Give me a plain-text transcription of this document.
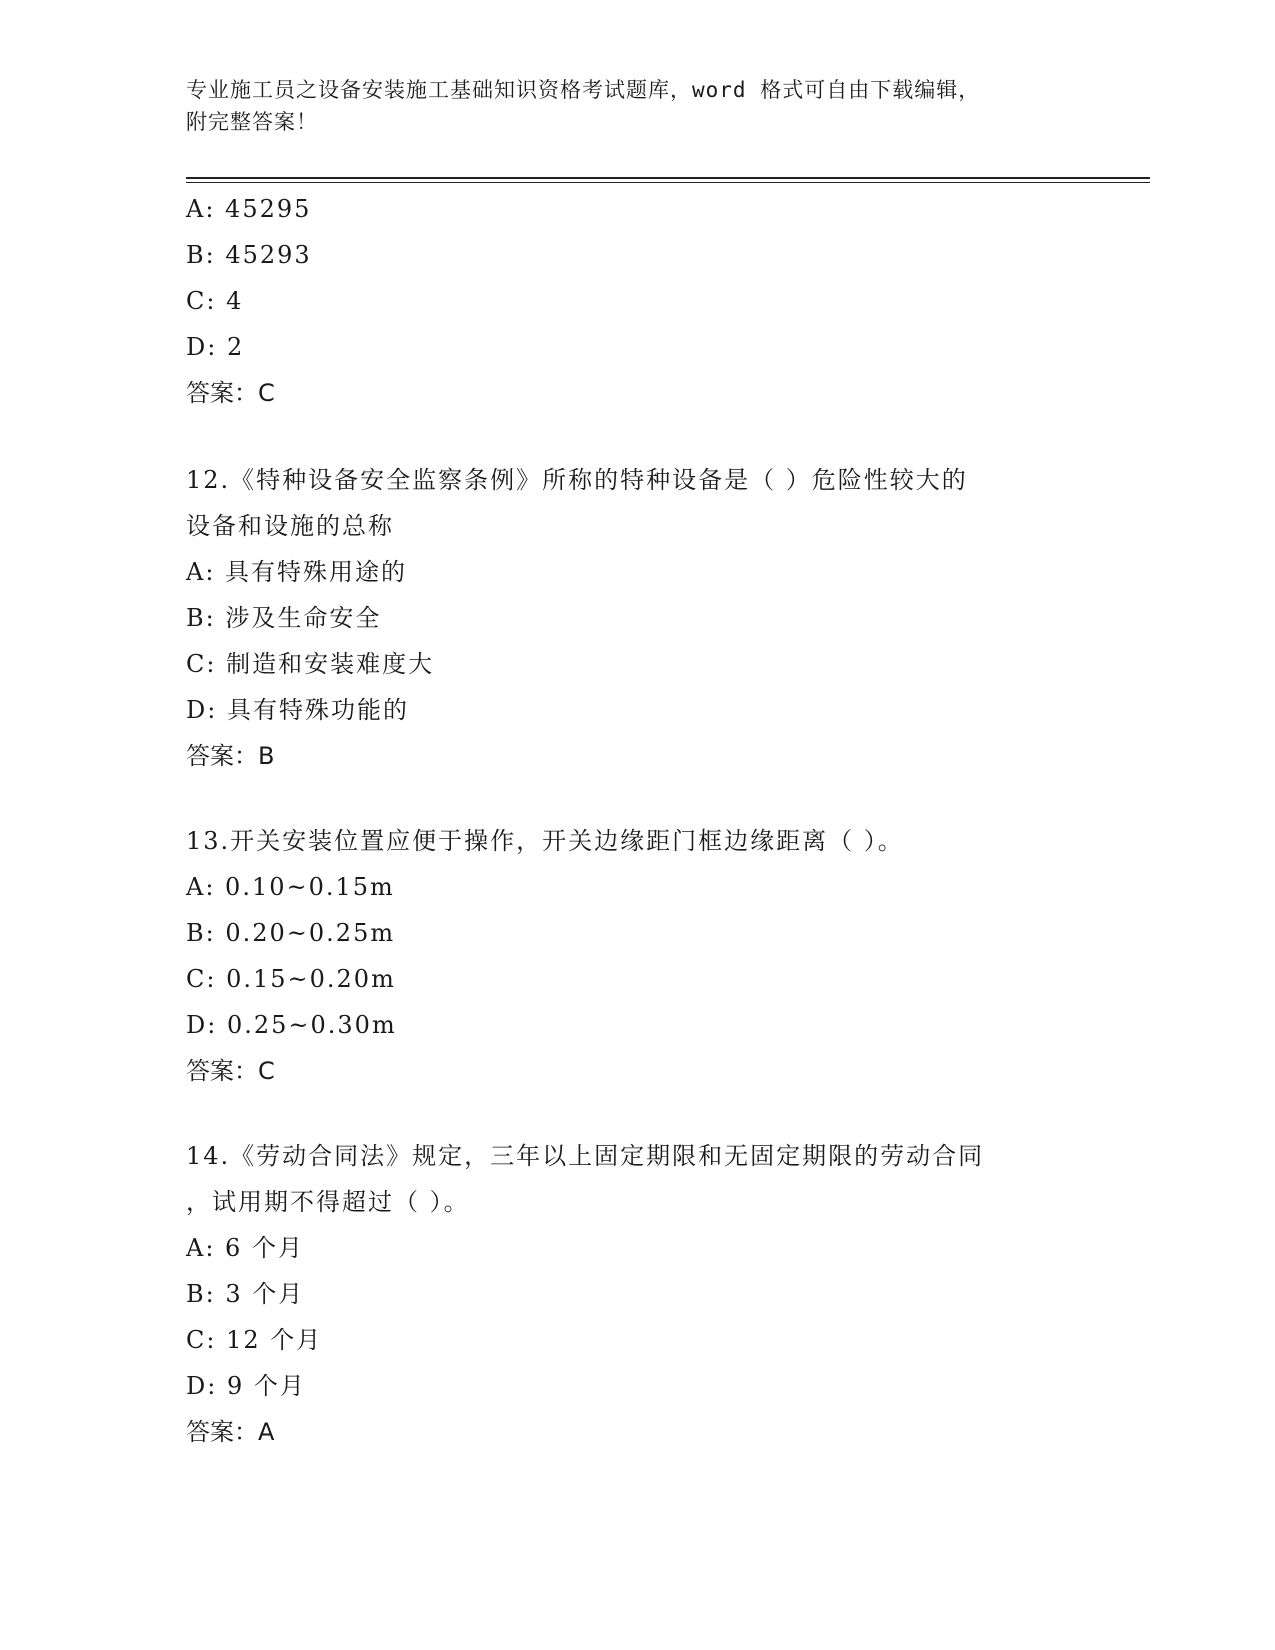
专业施工员之设备安装施工基础知识资格考试题库，word 格式可自由下载编辑，
附完整答案！
A: 45295
B: 45293
C: 4
D: 2
答案：C
12.《特种设备安全监察条例》所称的特种设备是（ ）危险性较大的
设备和设施的总称
A: 具有特殊用途的
B: 涉及生命安全
C: 制造和安装难度大
D: 具有特殊功能的
答案：B
13.开关安装位置应便于操作，开关边缘距门框边缘距离（ ）。
A: 0.10~0.15m
B: 0.20~0.25m
C: 0.15~0.20m
D: 0.25~0.30m
答案：C
14.《劳动合同法》规定，三年以上固定期限和无固定期限的劳动合同
，试用期不得超过（ ）。
A: 6 个月
B: 3 个月
C: 12 个月
D: 9 个月
答案：A
